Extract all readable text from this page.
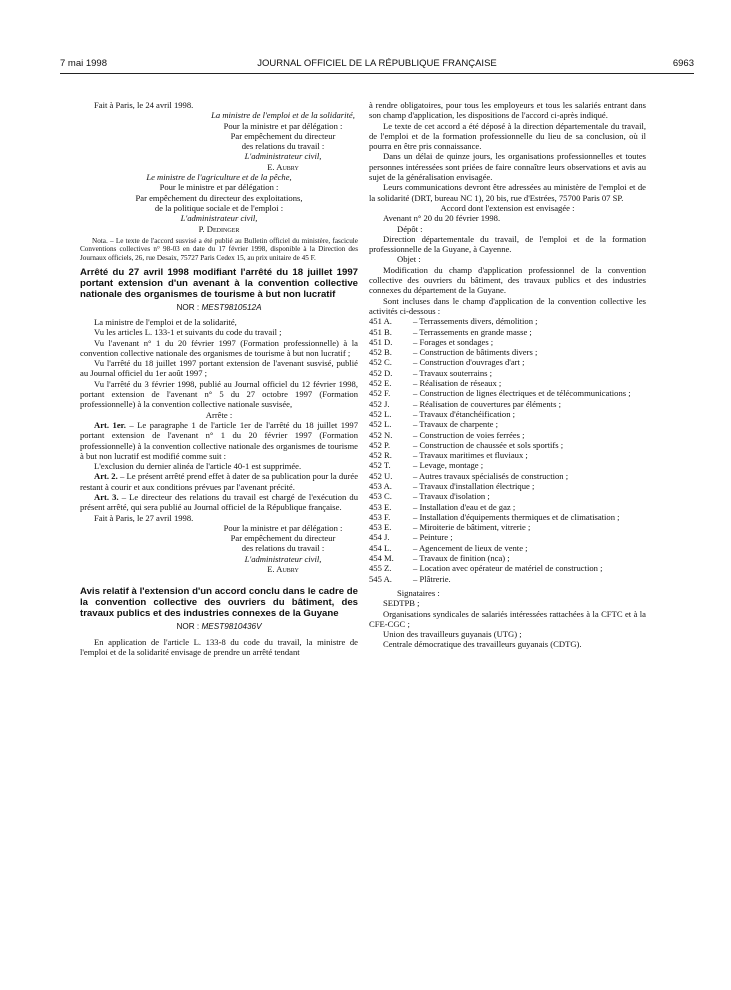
7 mai 1998	JOURNAL OFFICIEL DE LA RÉPUBLIQUE FRANÇAISE	6963

Fait à Paris, le 24 avril 1998.

La ministre de l'emploi et de la solidarité,

Pour la ministre et par délégation :

Par empêchement du directeur

des relations du travail :

L'administrateur civil,

E. Aubry

Le ministre de l'agriculture et de la pêche,

Pour le ministre et par délégation :

Par empêchement du directeur des exploitations,

de la politique sociale et de l'emploi :

L'administrateur civil,

P. Dedinger

Nota. – Le texte de l'accord susvisé a été publié au Bulletin officiel du ministère, fascicule Conventions collectives n° 98-03 en date du 17 février 1998, disponible à la Direction des Journaux officiels, 26, rue Desaix, 75727 Paris Cedex 15, au prix unitaire de 45 F.

Arrêté du 27 avril 1998 modifiant l'arrêté du 18 juillet 1997 portant extension d'un avenant à la convention collective nationale des organismes de tourisme à but non lucratif

NOR : MEST9810512A

La ministre de l'emploi et de la solidarité,

Vu les articles L. 133-1 et suivants du code du travail ;

Vu l'avenant n° 1 du 20 février 1997 (Formation professionnelle) à la convention collective nationale des organismes de tourisme à but non lucratif ;

Vu l'arrêté du 18 juillet 1997 portant extension de l'avenant susvisé, publié au Journal officiel du 1er août 1997 ;

Vu l'arrêté du 3 février 1998, publié au Journal officiel du 12 février 1998, portant extension de l'avenant n° 5 du 27 octobre 1997 (Formation professionnelle) à la convention collective nationale susvisée,

Arrête :

Art. 1er. – Le paragraphe 1 de l'article 1er de l'arrêté du 18 juillet 1997 portant extension de l'avenant n° 1 du 20 février 1997 (Formation professionnelle) à la convention collective nationale des organismes de tourisme à but non lucratif est modifié comme suit :

L'exclusion du dernier alinéa de l'article 40-1 est supprimée.

Art. 2. – Le présent arrêté prend effet à dater de sa publication pour la durée restant à courir et aux conditions prévues par l'avenant précité.

Art. 3. – Le directeur des relations du travail est chargé de l'exécution du présent arrêté, qui sera publié au Journal officiel de la République française.

Fait à Paris, le 27 avril 1998.

Pour la ministre et par délégation :

Par empêchement du directeur

des relations du travail :

L'administrateur civil,

E. Aubry

Avis relatif à l'extension d'un accord conclu dans le cadre de la convention collective des ouvriers du bâtiment, des travaux publics et des industries connexes de la Guyane

NOR : MEST9810436V

En application de l'article L. 133-8 du code du travail, la ministre de l'emploi et de la solidarité envisage de prendre un arrêté tendant

à rendre obligatoires, pour tous les employeurs et tous les salariés entrant dans son champ d'application, les dispositions de l'accord ci-après indiqué.

Le texte de cet accord a été déposé à la direction départementale du travail, de l'emploi et de la formation professionnelle du lieu de sa conclusion, où il pourra en être pris connaissance.

Dans un délai de quinze jours, les organisations professionnelles et toutes personnes intéressées sont priées de faire connaître leurs observations et avis au sujet de la généralisation envisagée.

Leurs communications devront être adressées au ministère de l'emploi et de la solidarité (DRT, bureau NC 1), 20 bis, rue d'Estrées, 75700 Paris 07 SP.

Accord dont l'extension est envisagée :

Avenant n° 20 du 20 février 1998.

Dépôt :

Direction départementale du travail, de l'emploi et de la formation professionnelle de la Guyane, à Cayenne.

Objet :

Modification du champ d'application professionnel de la convention collective des ouvriers du bâtiment, des travaux publics et des industries connexes du département de la Guyane.

Sont incluses dans le champ d'application de la convention collective les activités ci-dessous :

451 A.	– Terrassements divers, démolition ;
451 B.	– Terrassements en grande masse ;
451 D.	– Forages et sondages ;
452 B.	– Construction de bâtiments divers ;
452 C.	– Construction d'ouvrages d'art ;
452 D.	– Travaux souterrains ;
452 E.	– Réalisation de réseaux ;
452 F.	– Construction de lignes électriques et de télécommunications ;
452 J.	– Réalisation de couvertures par éléments ;
452 L.	– Travaux d'étanchéification ;
452 L.	– Travaux de charpente ;
452 N.	– Construction de voies ferrées ;
452 P.	– Construction de chaussée et sols sportifs ;
452 R.	– Travaux maritimes et fluviaux ;
452 T.	– Levage, montage ;
452 U.	– Autres travaux spécialisés de construction ;
453 A.	– Travaux d'installation électrique ;
453 C.	– Travaux d'isolation ;
453 E.	– Installation d'eau et de gaz ;
453 F.	– Installation d'équipements thermiques et de climatisation ;
453 E.	– Miroiterie de bâtiment, vitrerie ;
454 J.	– Peinture ;
454 L.	– Agencement de lieux de vente ;
454 M.	– Travaux de finition (nca) ;
455 Z.	– Location avec opérateur de matériel de construction ;
545 A.	– Plâtrerie.

Signataires :

SEDTPB ;

Organisations syndicales de salariés intéressées rattachées à la CFTC et à la CFE-CGC ;

Union des travailleurs guyanais (UTG) ;

Centrale démocratique des travailleurs guyanais (CDTG).
